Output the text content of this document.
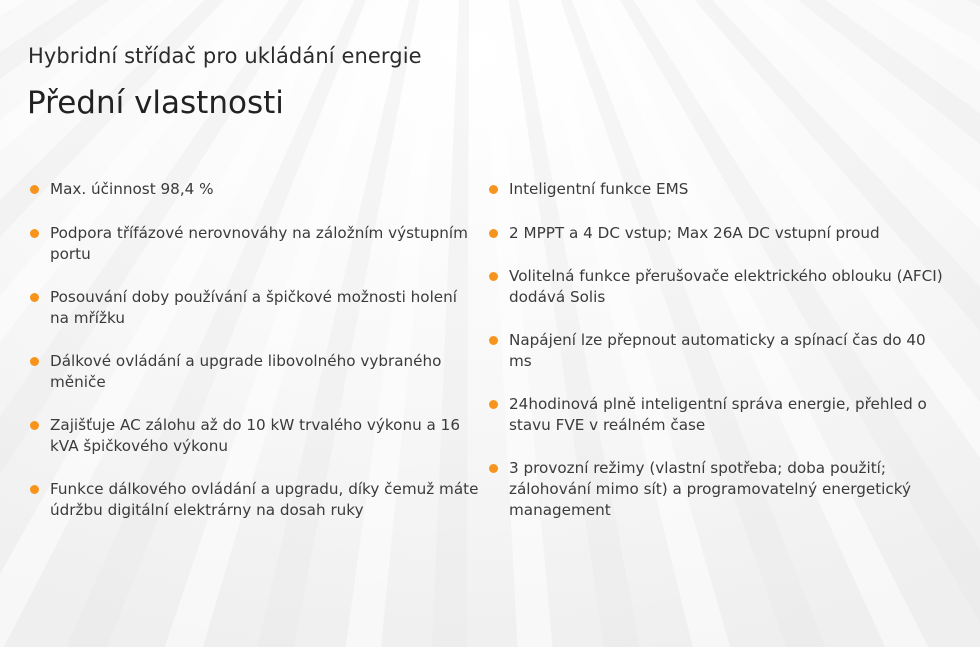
Hybridní střídač pro ukládání energie
Přední vlastnosti
Max. účinnost 98,4 %
Podpora třífázové nerovnováhy na záložním výstupním portu
Posouvání doby používání a špičkové možnosti holení na mřížku
Dálkové ovládání a upgrade libovolného vybraného měniče
Zajišťuje AC zálohu až do 10 kW trvalého výkonu a 16 kVA špičkového výkonu
Funkce dálkového ovládání a upgradu, díky čemuž máte údržbu digitální elektrárny na dosah ruky
Inteligentní funkce EMS
2 MPPT a 4 DC vstup; Max 26A DC vstupní proud
Volitelná funkce přerušovače elektrického oblouku (AFCI) dodává Solis
Napájení lze přepnout automaticky a spínací čas do 40 ms
24hodinová plně inteligentní správa energie, přehled o stavu FVE v reálném čase
3 provozní režimy (vlastní spotřeba; doba použití; zálohování mimo sít) a programovatelný energetický management
